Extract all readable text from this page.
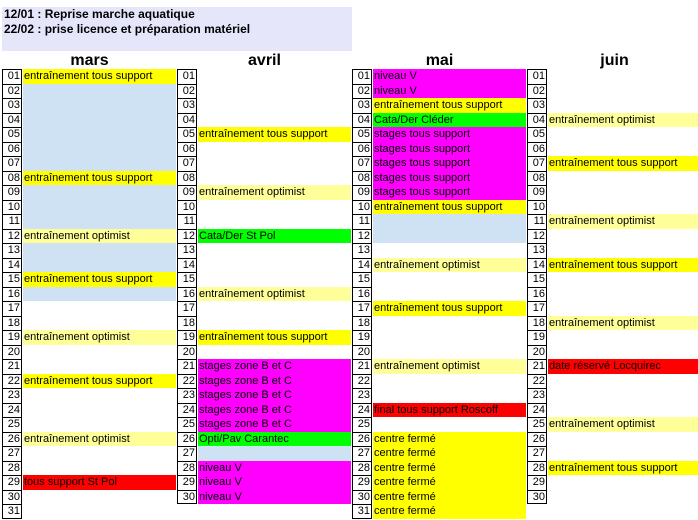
12/01 : Reprise marche aquatique
22/02 : prise licence et préparation matériel
mars
01 entraînement tous support
02
03
04
05
06
07
08 entraînement tous support
09
10
11
12 entraînement optimist
13
14
15 entraînement tous support
16
17
18
19 entraînement optimist
20
21
22 entraînement tous support
23
24
25
26 entraînement optimist
27
28
29 tous support St Pol
30
31
avril
01
02
03
04
05 entraînement tous support
06
07
08
09 entraînement optimist
10
11
12 Cata/Der St Pol
13
14
15
16 entraînement optimist
17
18
19 entraînement tous support
20
21 stages zone B et C
22 stages zone B et C
23 stages zone B et C
24 stages zone B et C
25 stages zone B et C
26 Opti/Pav Carantec
27
28 niveau V
29 niveau V
30 niveau V
mai
01 niveau V
02 niveau V
03 entraînement tous support
04 Cata/Der Cléder
05 stages tous support
06 stages tous support
07 stages tous support
08 stages tous support
09 stages tous support
10 entraînement tous support
11
12
13
14 entraînement optimist
15
16
17 entraînement tous support
18
19
20
21 entraînement optimist
22
23
24 final tous support Roscoff
25
26 centre fermé
27 centre fermé
28 centre fermé
29 centre fermé
30 centre fermé
31 centre fermé
juin
01
02
03
04 entraînement optimist
05
06
07 entraînement tous support
08
09
10
11 entraînement optimist
12
13
14 entraînement tous support
15
16
17
18 entraînement optimist
19
20
21 date réservé Locquirec
22
23
24
25 entraînement optimist
26
27
28 entraînement tous support
29
30
